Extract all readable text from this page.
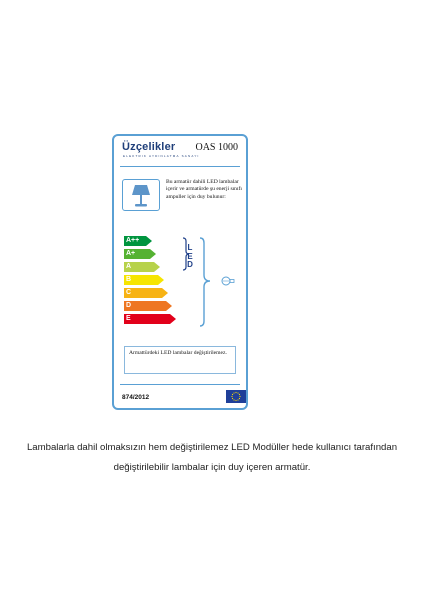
Üzçelikler
ELEKTRIK AYDINLATMA SANAYI
OAS 1000
Bu armatür dahili LED lambalar içerir ve armatürde şu enerji sınıfı ampuller için duy bulunur:
A++
A+
A
B
C
D
E
LED
Armattürdeki LED lambalar değiştirilemez.
874/2012
Lambalarla dahil olmaksızın hem değiştirilemez LED Modüller hede kullanıcı tarafından
değiştirilebilir lambalar için duy içeren armatür.
